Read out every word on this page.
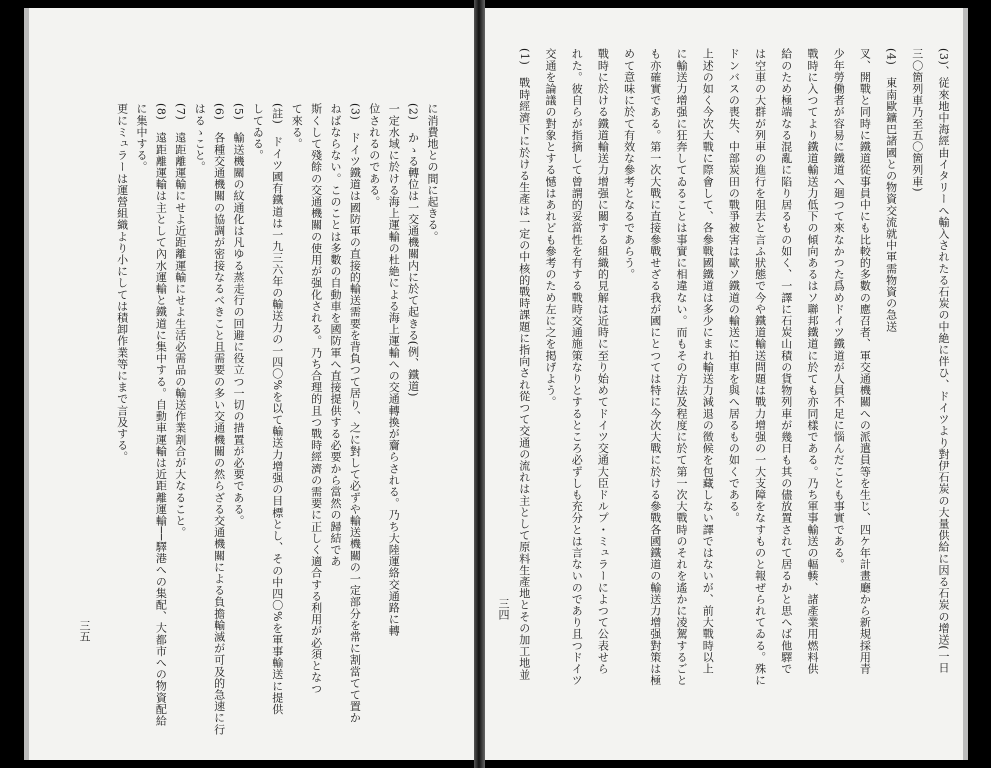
に消費地との間に起きる。
(2)　かゝる轉位は一交通機關内に於て起きる(例、鐵道)
一定水域に於ける海上運輸の杜絶による海上運輸への交通轉換が齎らされる。乃ち大陸運絡交通路に轉
位されるのである。
(3)　ドイツ鐵道は國防軍の直接的輸送需要を背負つて居り、之に對して必ずや輸送機關の一定部分を常に割當てて置か
ねばならない。このことは多數の自動車を國防軍へ直接提供する必要から當然の歸結であ
斯くして殘餘の交通機關の使用が强化される。乃ち合理的且つ戰時經濟の需要に正しく適合する利用が必須となつ
て來る。
(註)　ドイツ國有鐵道は一九三六年の輸送力の一四〇%を以て輸送力增强の目標とし、その中四〇%を軍事輸送に提供
してゐる。
(5)　輸送機關の紋通化は凡ゆる蒸走行の回避に役立つ一切の措置が必要である。
(6)　各種交通機關の協調が密接なるべきこと且需要の多い交通機關の然らざる交通機關による負擔輸滅が可及的急速に行
はるゝこと。
(7)　遠距離運輸にせよ近距離運輸にせよ生活必需品の輸送作業割合が大なること。
(8)　遠距離運輸は主として內水運輸と鐵道に集中する。自動車運輸は近距離運輸──驛港への集配、大都市への物資配給
に集中する。
更にミュラーは運營組織より小にしては積卸作業等にまで言及する。
三五	(3)、従來地中海經由イタリーへ輸入されたる石炭の中絶に伴ひ、ドイツより對伊石炭の大量供給に因る石炭の增送(一日
三〇箇列車乃至五〇箇列車)
(4)　東南歐鑛巴諸國との物資交流就中軍需物資の急送
叉、開戰と同時に鐵道從事員中にも比較的多數の應召者、軍交通機關への派遣員等を生じ、四ケ年計畫廳から新規採用青
少年勞働者が容易に鐵道へ廻つて來なかつた爲めドイツ鐵道が人員不足に惱んだことも事實である。
戰時に入つてより鐵道輸送力低下の傾向あるはソ聯邦鐵道に於ても亦同樣である。乃ち軍事輸送の輻輳、諸產業用燃料供
給のため極端なる混亂に陷り居るもの如く、一譯に石炭山積の貨物列車が幾日も其の儘放置されて居るかと思へば他驛で
は空車の大群が列車の進行を阻去と言ふ狀態で今や鐵道輸送問題は戰力增强の一大支障をなすものと報ぜられてゐる。殊に
ドンバスの喪失、中部炭田の戰爭被害は歐ソ鐵道の輸送に拍車を與へ居るもの如くである。
上述の如く今次大戰に際會して、各參戰國鐵道は多少にまれ輸送力減退の徵候を包藏しない譯ではないが、前大戰時以上
に輸送力增强に狂奔してゐることは事實に相違ない。而もその方法及程度に於て第一次大戰時のそれを遙かに凌駕するごと
も亦確實である。第一次大戰に直接參戰せざる我が國にとつては特に今次大戰に於ける參戰各國鐵道の輸送力增强對策は極
めて意味に於て有效な參考となるであらう。
戰時に於ける鐵道輸送力增强に關する組織的見解は近時に至り始めてドイツ交通大臣ドルプ・ミュラーによつて公表せら
れた。彼自らが指摘して曾謂的妥當性を有する戰時交通施策なりとするところ必ずしも充分とは言ないのであり且つドイツ
交通を論議の對象とする憾はあれども參考のため左に之を掲げよう。
(1)　戰時經濟下に於ける生產は一定の中核的戰時課題に指向され從つて交通の流れは主として原料生產地とその加工地並
三四
